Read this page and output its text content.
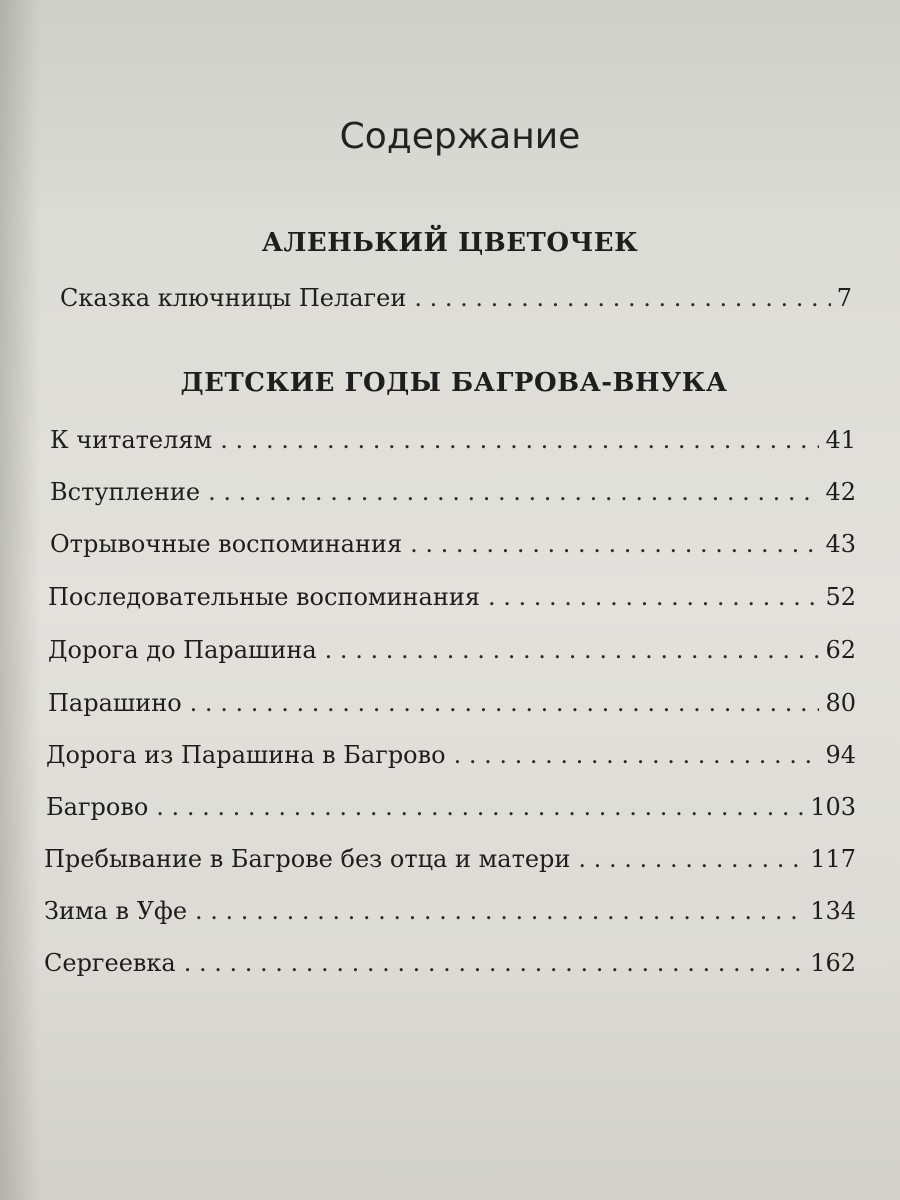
Содержание
АЛЕНЬКИЙ ЦВЕТОЧЕК
Сказка ключницы Пелагеи . . .	7
ДЕТСКИЕ ГОДЫ БАГРОВА-ВНУКА
К читателям . . .	41
Вступление . . .	42
Отрывочные воспоминания . . .	43
Последовательные воспоминания . . .	52
Дорога до Парашина . . .	62
Парашино . . .	80
Дорога из Парашина в Багрово . . .	94
Багрово . . .	103
Пребывание в Багрове без отца и матери . . .	117
Зима в Уфе . . .	134
Сергеевка . . .	162
